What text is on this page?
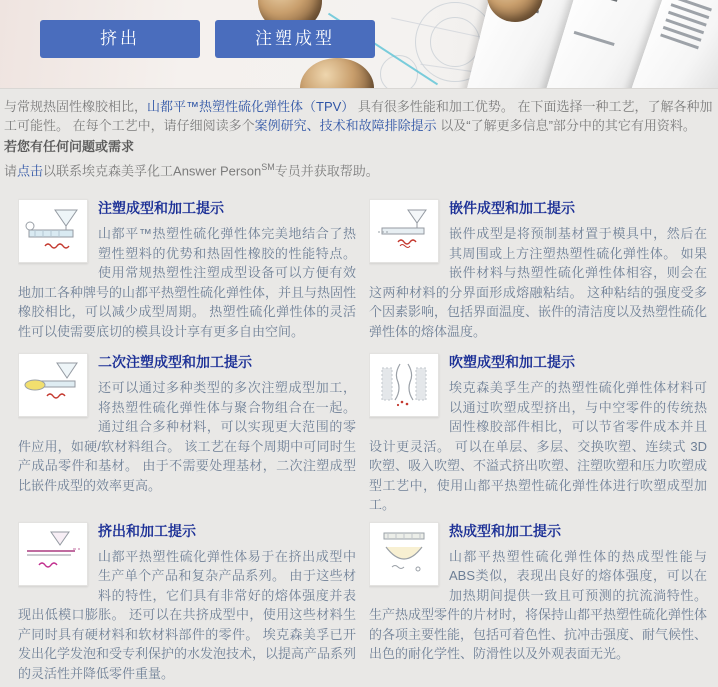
挤出	注塑成型

与常规热固性橡胶相比，山都平™热塑性硫化弹性体（TPV） 具有很多性能和加工优势。 在下面选择一种工艺，了解各种加工可能性。 在每个工艺中，请仔细阅读多个案例研究、技术和故障排除提示 以及“了解更多信息”部分中的其它有用资料。

若您有任何问题或需求

请点击以联系埃克森美孚化工Answer Person℠专员并获取帮助。

注塑成型和加工提示

山都平™热塑性硫化弹性体完美地结合了热塑性塑料的优势和热固性橡胶的性能特点。 使用常规热塑性注塑成型设备可以方便有效地加工各种牌号的山都平热塑性硫化弹性体，并且与热固性橡胶相比，可以减少成型周期。 热塑性硫化弹性体的灵活性可以使需要底切的模具设计享有更多自由空间。

嵌件成型和加工提示

嵌件成型是将预制基材置于模具中，然后在其周围或上方注塑热塑性硫化弹性体。 如果嵌件材料与热塑性硫化弹性体相容，则会在这两种材料的分界面形成熔融粘结。 这种粘结的强度受多个因素影响，包括界面温度、嵌件的清洁度以及热塑性硫化弹性体的熔体温度。

二次注塑成型和加工提示

还可以通过多种类型的多次注塑成型加工，将热塑性硫化弹性体与聚合物组合在一起。 通过组合多种材料，可以实现更大范围的零件应用，如硬/软材料组合。 该工艺在每个周期中可同时生产成品零件和基材。 由于不需要处理基材，二次注塑成型比嵌件成型的效率更高。

吹塑成型和加工提示

埃克森美孚生产的热塑性硫化弹性体材料可以通过吹塑成型挤出，与中空零件的传统热固性橡胶部件相比，可以节省零件成本并且设计更灵活。 可以在单层、多层、交换吹塑、连续式 3D 吹塑、吸入吹塑、不溢式挤出吹塑、注塑吹塑和压力吹塑成型工艺中，使用山都平热塑性硫化弹性体进行吹塑成型加工。

挤出和加工提示

山都平热塑性硫化弹性体易于在挤出成型中生产单个产品和复杂产品系列。 由于这些材料的特性，它们具有非常好的熔体强度并表现出低模口膨胀。 还可以在共挤成型中，使用这些材料生产同时具有硬材料和软材料部件的零件。 埃克森美孚已开发出化学发泡和受专利保护的水发泡技术，以提高产品系列的灵活性并降低零件重量。

热成型和加工提示

山都平热塑性硫化弹性体的热成型性能与ABS类似，表现出良好的熔体强度，可以在加热期间提供一致且可预测的抗流淌特性。 生产热成型零件的片材时，将保持山都平热塑性硫化弹性体的各项主要性能，包括可着色性、抗冲击强度、耐气候性、出色的耐化学性、防滑性以及外观表面无光。
